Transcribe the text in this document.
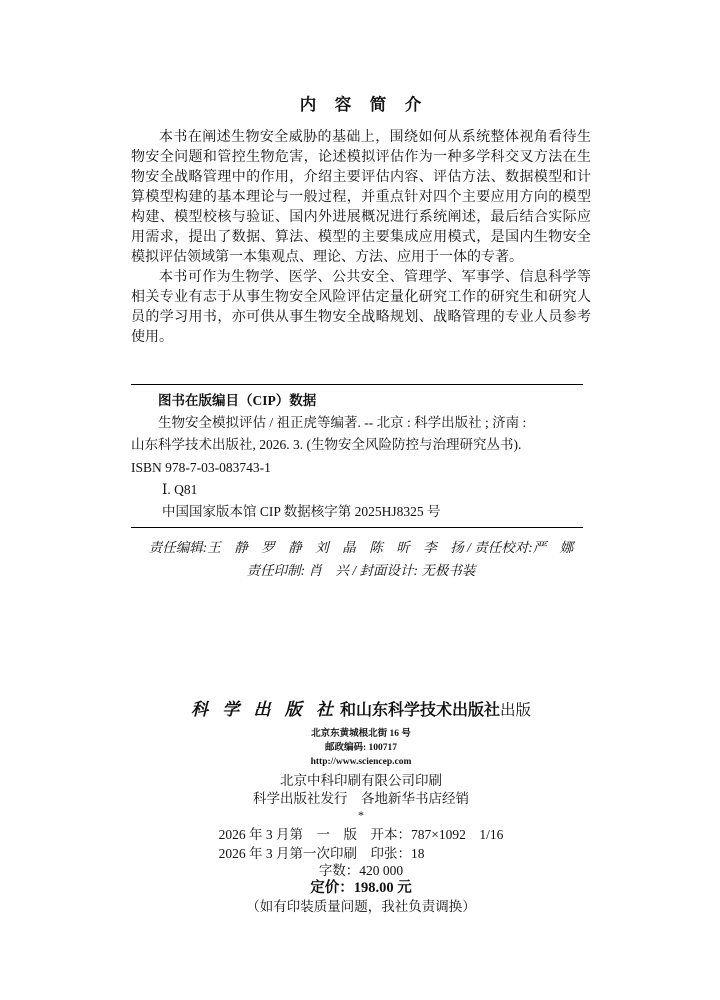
内　容　简　介

本书在阐述生物安全威胁的基础上，围绕如何从系统整体视角看待生物安全问题和管控生物危害，论述模拟评估作为一种多学科交叉方法在生物安全战略管理中的作用，介绍主要评估内容、评估方法、数据模型和计算模型构建的基本理论与一般过程，并重点针对四个主要应用方向的模型构建、模型校核与验证、国内外进展概况进行系统阐述，最后结合实际应用需求，提出了数据、算法、模型的主要集成应用模式，是国内生物安全模拟评估领域第一本集观点、理论、方法、应用于一体的专著。

本书可作为生物学、医学、公共安全、管理学、军事学、信息科学等相关专业有志于从事生物安全风险评估定量化研究工作的研究生和研究人员的学习用书，亦可供从事生物安全战略规划、战略管理的专业人员参考使用。

图书在版编目（CIP）数据
生物安全模拟评估 / 祖正虎等编著. -- 北京 : 科学出版社 ; 济南 :
山东科学技术出版社, 2026. 3. (生物安全风险防控与治理研究丛书).
ISBN 978-7-03-083743-1
Ⅰ. Q81
中国国家版本馆 CIP 数据核字第 2025HJ8325 号
责任编辑:王　静　罗　静　刘　晶　陈　昕　李　扬 / 责任校对:严　娜
责任印制: 肖　兴 / 封面设计: 无极书装
科 学 出 版 社 和山东科学技术出版社出版
北京东黄城根北街 16 号
邮政编码: 100717
http://www.sciencep.com
北京中科印刷有限公司印刷
科学出版社发行　各地新华书店经销
*
2026 年 3 月第　一　版　开本：787×1092　1/16
2026 年 3 月第一次印刷　印张：18
字数：420 000
定价：198.00 元
（如有印装质量问题，我社负责调换）
